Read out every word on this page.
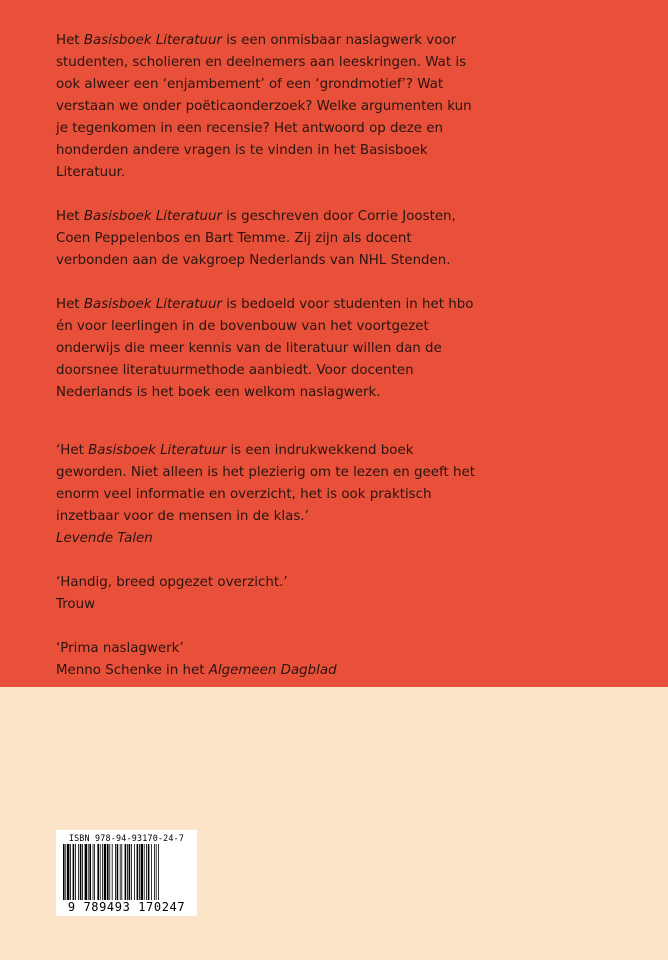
Het Basisboek Literatuur is een onmisbaar naslagwerk voor studenten, scholieren en deelnemers aan leeskringen. Wat is ook alweer een ‘enjambement’ of een ‘grondmotief’? Wat verstaan we onder poëticaonderzoek? Welke argumenten kun je tegenkomen in een recensie? Het antwoord op deze en honderden andere vragen is te vinden in het Basisboek Literatuur.

Het Basisboek Literatuur is geschreven door Corrie Joosten, Coen Peppelenbos en Bart Temme. Zij zijn als docent verbonden aan de vakgroep Nederlands van NHL Stenden.

Het Basisboek Literatuur is bedoeld voor studenten in het hbo én voor leerlingen in de bovenbouw van het voortgezet onderwijs die meer kennis van de literatuur willen dan de doorsnee literatuurmethode aanbiedt. Voor docenten Nederlands is het boek een welkom naslagwerk.

‘Het Basisboek Literatuur is een indrukwekkend boek geworden. Niet alleen is het plezierig om te lezen en geeft het enorm veel informatie en overzicht, het is ook praktisch inzetbaar voor de mensen in de klas.’
Levende Talen

‘Handig, breed opgezet overzicht.’
Trouw

‘Prima naslagwerk’
Menno Schenke in het Algemeen Dagblad

ISBN 978-94-93170-24-7
9 789493 170247
